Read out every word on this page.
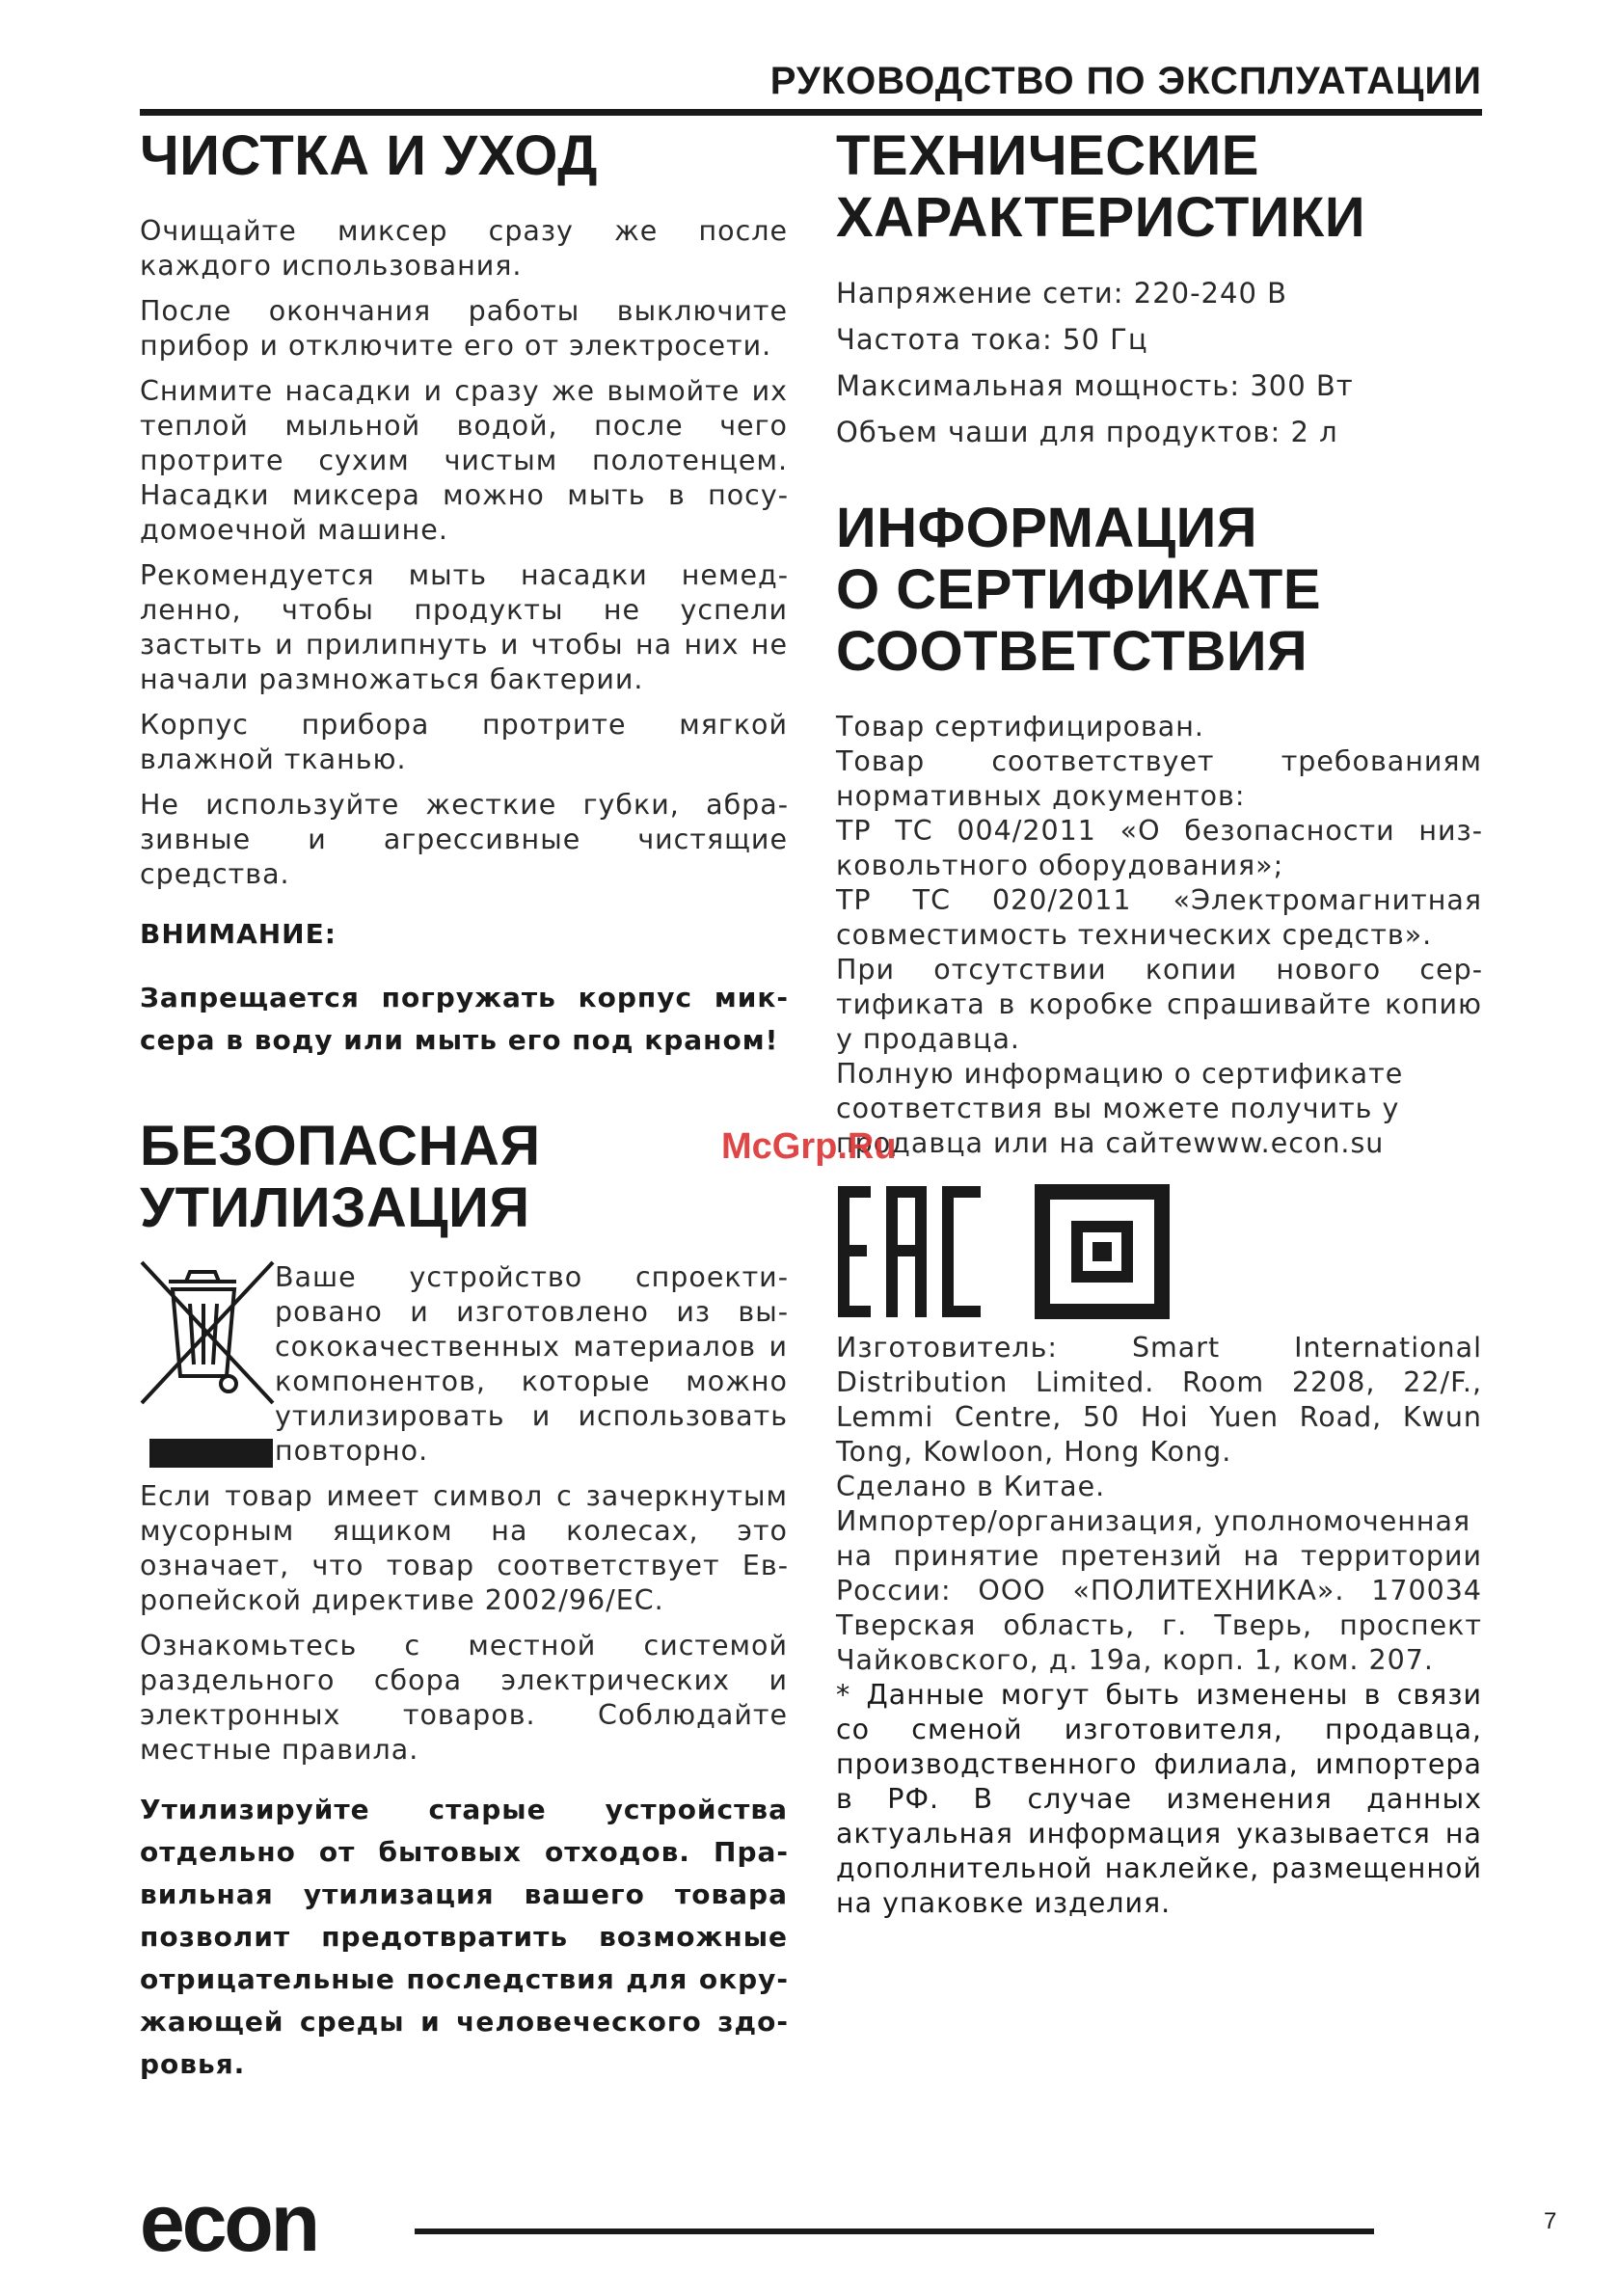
РУКОВОДСТВО ПО ЭКСПЛУАТАЦИИ
ЧИСТКА И УХОД

Очищайте миксер сразу же после каждого использования.

После окончания работы выключите прибор и отключите его от электросети.

Снимите насадки и сразу же вымойте их теплой мыльной водой, после чего протрите сухим чистым полотенцем. Насадки миксера можно мыть в посудомоечной машине.

Рекомендуется мыть насадки немедленно, чтобы продукты не успели застыть и прилипнуть и чтобы на них не начали размножаться бактерии.

Корпус прибора протрите мягкой влажной тканью.

Не используйте жесткие губки, абразивные и агрессивные чистящие средства.

ВНИМАНИЕ:

Запрещается погружать корпус миксера в воду или мыть его под краном!

БЕЗОПАСНАЯ
УТИЛИЗАЦИЯ

Ваше устройство спроектировано и изготовлено из высококачественных материалов и компонентов, которые можно утилизировать и использовать повторно.

Если товар имеет символ с зачеркнутым мусорным ящиком на колесах, это означает, что товар соответствует Европейской директиве 2002/96/EC.

Ознакомьтесь с местной системой раздельного сбора электрических и электронных товаров. Соблюдайте местные правила.

Утилизируйте старые устройства отдельно от бытовых отходов. Правильная утилизация вашего товара позволит предотвратить возможные отрицательные последствия для окружающей среды и человеческого здоровья.

ТЕХНИЧЕСКИЕ
ХАРАКТЕРИСТИКИ
Напряжение сети: 220-240 В
Частота тока: 50 Гц
Максимальная мощность: 300 Вт
Объем чаши для продуктов: 2 л
ИНФОРМАЦИЯ
О СЕРТИФИКАТЕ
СООТВЕТСТВИЯ

Товар сертифицирован.

Товар соответствует требованиям нормативных документов:

ТР ТС 004/2011 «О безопасности низковольтного оборудования»;

ТР ТС 020/2011 «Электромагнитная совместимость технических средств».

При отсутствии копии нового сертификата в коробке спрашивайте копию у продавца.

Полную информацию о сертификате соответствия вы можете получить у продавца или на сайтеwww.econ.su

Изготовитель: Smart International Distribution Limited. Room 2208, 22/F., Lemmi Centre, 50 Hoi Yuen Road, Kwun Tong, Kowloon, Hong Kong.

Сделано в Китае.

Импортер/организация, уполномоченная

на принятие претензий на территории России: ООО «ПОЛИТЕХНИКА». 170034 Тверская область, г. Тверь, проспект Чайковского, д. 19а, корп. 1, ком. 207.

* Данные могут быть изменены в связи со сменой изготовителя, продавца, производственного филиала, импортера в РФ. В случае изменения данных актуальная информация указывается на дополнительной наклейке, размещенной на упаковке изделия.

McGrp.Ru
econ	7
